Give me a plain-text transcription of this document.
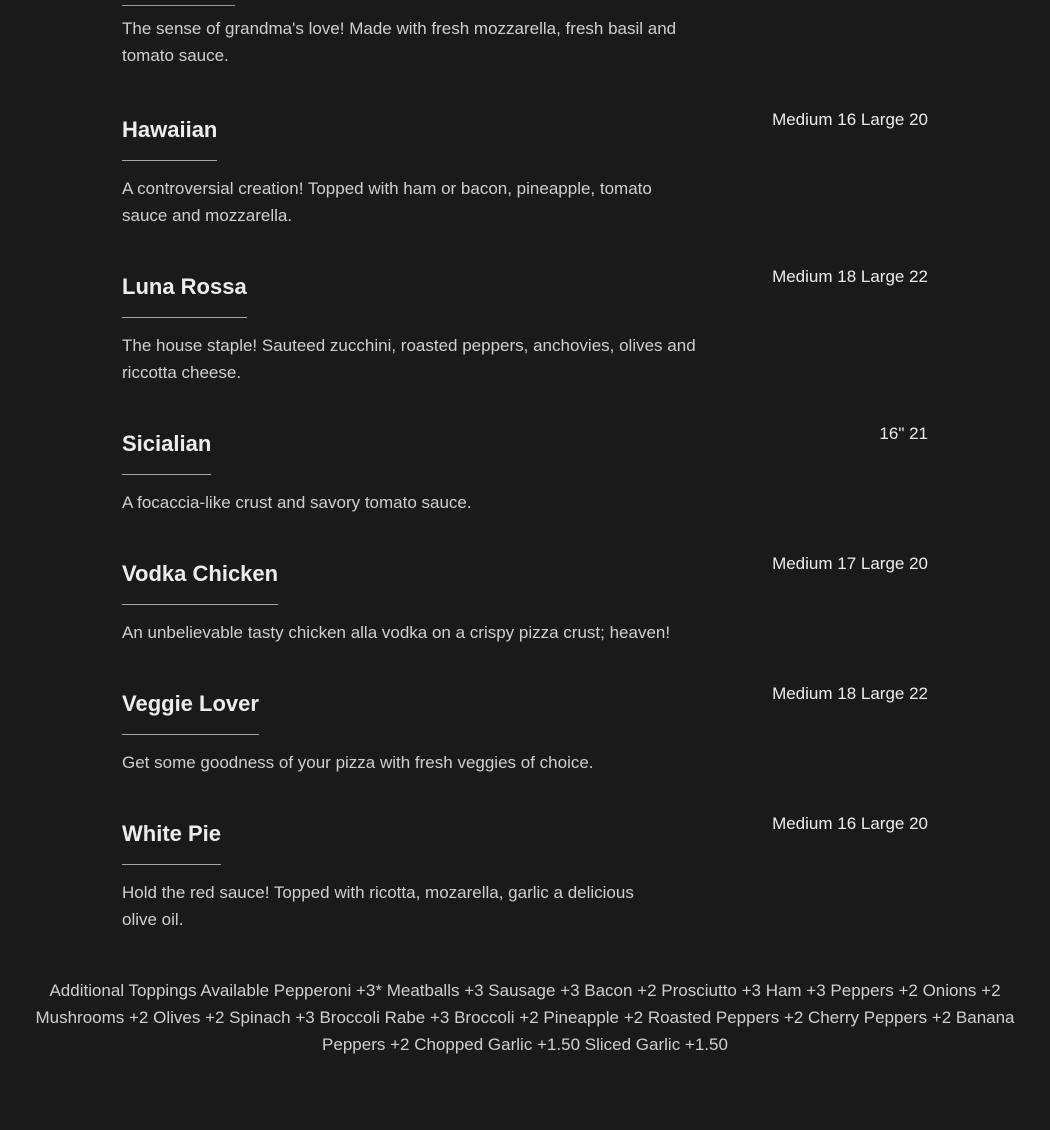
The sense of grandma's love! Made with fresh mozzarella, fresh basil and tomato sauce.
Hawaiian	Medium 16 Large 20
A controversial creation! Topped with ham or bacon, pineapple, tomato sauce and mozzarella.
Luna Rossa	Medium 18 Large 22
The house staple! Sauteed zucchini, roasted peppers, anchovies, olives and riccotta cheese.
Sicialian	16" 21
A focaccia-like crust and savory tomato sauce.
Vodka Chicken	Medium 17 Large 20
An unbelievable tasty chicken alla vodka on a crispy pizza crust; heaven!
Veggie Lover	Medium 18 Large 22
Get some goodness of your pizza with fresh veggies of choice.
White Pie	Medium 16 Large 20
Hold the red sauce! Topped with ricotta, mozarella, garlic a delicious olive oil.
Additional Toppings Available Pepperoni +3* Meatballs +3 Sausage +3 Bacon +2 Prosciutto +3 Ham +3 Peppers +2 Onions +2 Mushrooms +2 Olives +2 Spinach +3 Broccoli Rabe +3 Broccoli +2 Pineapple +2 Roasted Peppers +2 Cherry Peppers +2 Banana Peppers +2 Chopped Garlic +1.50 Sliced Garlic +1.50
